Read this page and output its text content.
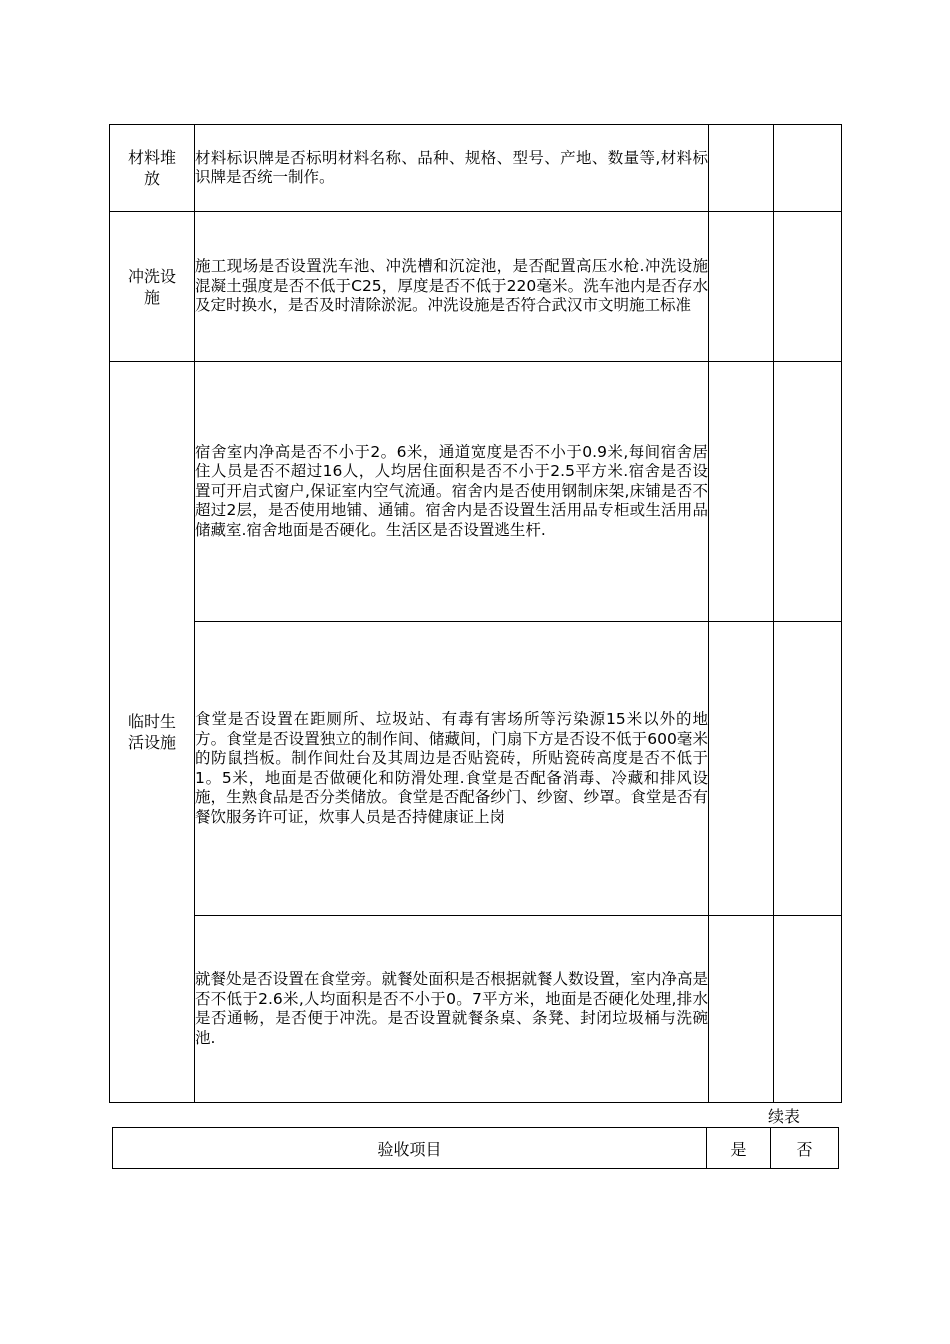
材料堆
放	材料标识牌是否标明材料名称、品种、规格、型号、产地、数量等,材料标识牌是否统一制作。		

冲洗设
施	施工现场是否设置洗车池、冲洗槽和沉淀池，是否配置高压水枪.冲洗设施混凝土强度是否不低于C25，厚度是否不低于220毫米。洗车池内是否存水及定时换水，是否及时清除淤泥。冲洗设施是否符合武汉市文明施工标准		

临时生
活设施	宿舍室内净高是否不小于2。6米，通道宽度是否不小于0.9米,每间宿舍居住人员是否不超过16人，人均居住面积是否不小于2.5平方米.宿舍是否设置可开启式窗户,保证室内空气流通。宿舍内是否使用钢制床架,床铺是否不超过2层，是否使用地铺、通铺。宿舍内是否设置生活用品专柜或生活用品储藏室.宿舍地面是否硬化。生活区是否设置逃生杆.		

	食堂是否设置在距厕所、垃圾站、有毒有害场所等污染源15米以外的地方。食堂是否设置独立的制作间、储藏间，门扇下方是否设不低于600毫米的防鼠挡板。制作间灶台及其周边是否贴瓷砖，所贴瓷砖高度是否不低于1。5米，地面是否做硬化和防滑处理.食堂是否配备消毒、冷藏和排风设施，生熟食品是否分类储放。食堂是否配备纱门、纱窗、纱罩。食堂是否有餐饮服务许可证，炊事人员是否持健康证上岗		

	就餐处是否设置在食堂旁。就餐处面积是否根据就餐人数设置，室内净高是否不低于2.6米,人均面积是否不小于0。7平方米，地面是否硬化处理,排水是否通畅，是否便于冲洗。是否设置就餐条桌、条凳、封闭垃圾桶与洗碗池.		

续表
验收项目	是	否
